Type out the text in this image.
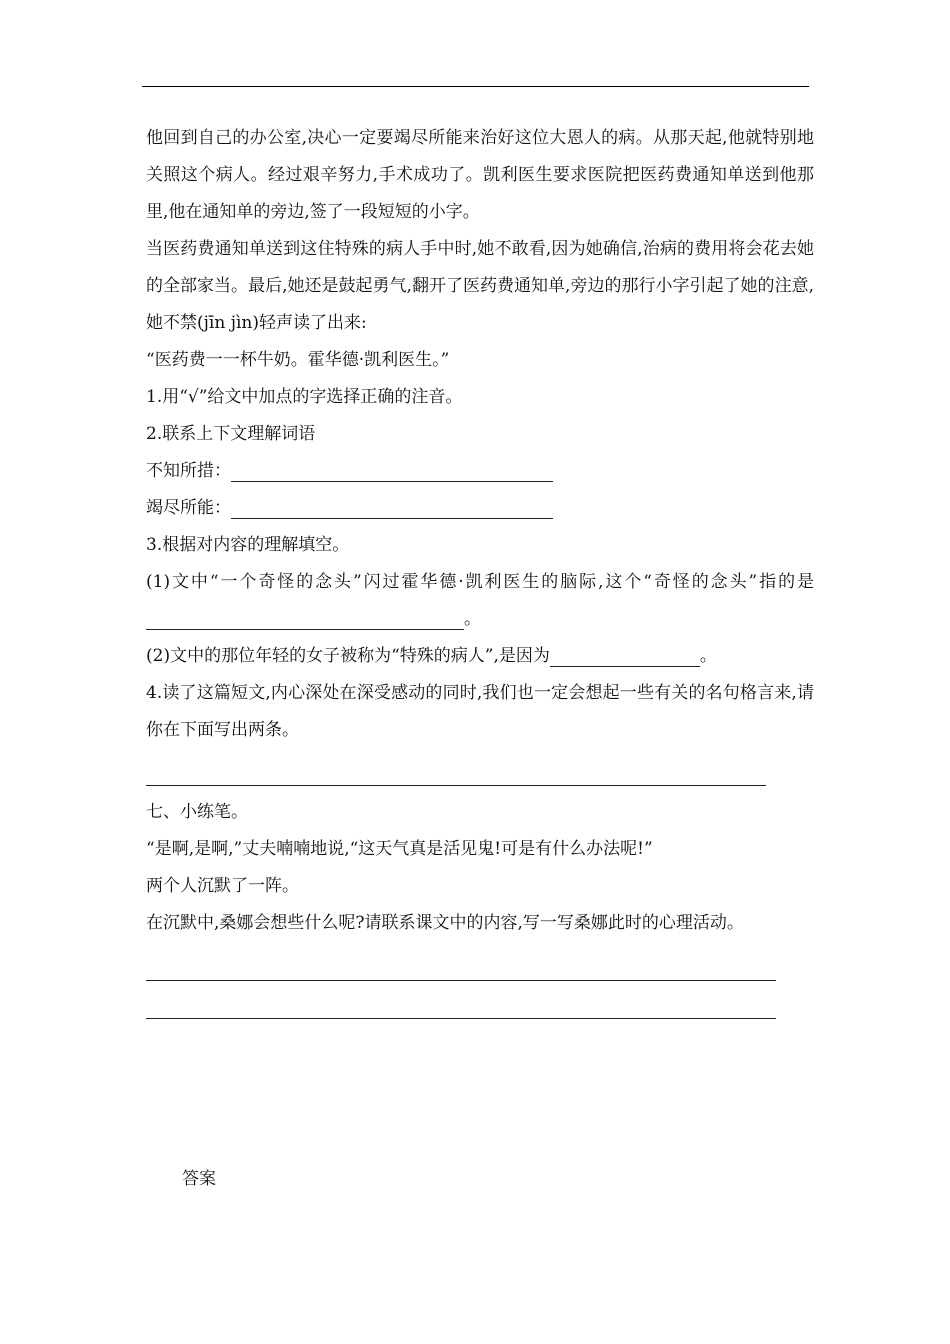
他回到自己的办公室,决心一定要竭尽所能来治好这位大恩人的病。从那天起,他就特别地关照这个病人。经过艰辛努力,手术成功了。凯利医生要求医院把医药费通知单送到他那里,他在通知单的旁边,签了一段短短的小字。

当医药费通知单送到这住特殊的病人手中时,她不敢看,因为她确信,治病的费用将会花去她的全部家当。最后,她还是鼓起勇气,翻开了医药费通知单,旁边的那行小字引起了她的注意,她不禁(jīn jìn)轻声读了出来:

“医药费一一杯牛奶。霍华德·凯利医生。”

1.用“√”给文中加点的字选择正确的注音。

2.联系上下文理解词语

不知所措：

竭尽所能：

3.根据对内容的理解填空。

(1)文中“一个奇怪的念头”闪过霍华德·凯利医生的脑际,这个“奇怪的念头”指的是。

(2)文中的那位年轻的女子被称为“特殊的病人”,是因为	。

4.读了这篇短文,内心深处在深受感动的同时,我们也一定会想起一些有关的名句格言来,请你在下面写出两条。

七、小练笔。

“是啊,是啊,”丈夫喃喃地说,“这天气真是活见鬼!可是有什么办法呢!”

两个人沉默了一阵。

在沉默中,桑娜会想些什么呢?请联系课文中的内容,写一写桑娜此时的心理活动。

答案
